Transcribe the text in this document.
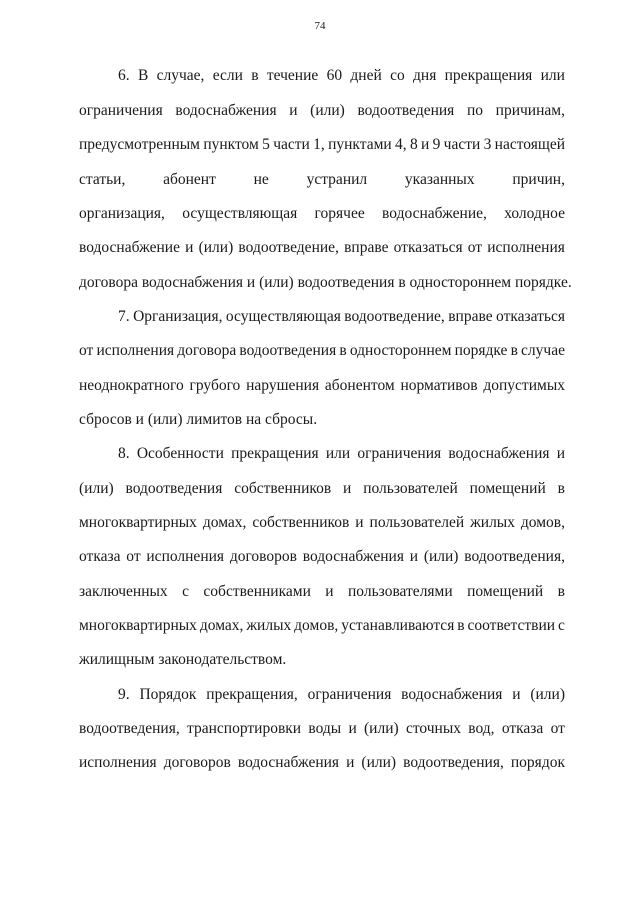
74
6. В случае, если в течение 60 дней со дня прекращения или
ограничения водоснабжения и (или) водоотведения по причинам,
предусмотренным пунктом 5 части 1, пунктами 4, 8 и 9 части 3 настоящей
статьи, абонент не устранил указанных причин,
организация, осуществляющая горячее водоснабжение, холодное
водоснабжение и (или) водоотведение, вправе отказаться от исполнения
договора водоснабжения и (или) водоотведения в одностороннем порядке.
7. Организация, осуществляющая водоотведение, вправе отказаться
от исполнения договора водоотведения в одностороннем порядке в случае
неоднократного грубого нарушения абонентом нормативов допустимых
сбросов и (или) лимитов на сбросы.
8. Особенности прекращения или ограничения водоснабжения и
(или) водоотведения собственников и пользователей помещений в
многоквартирных домах, собственников и пользователей жилых домов,
отказа от исполнения договоров водоснабжения и (или) водоотведения,
заключенных с собственниками и пользователями помещений в
многоквартирных домах, жилых домов, устанавливаются в соответствии с
жилищным законодательством.
9. Порядок прекращения, ограничения водоснабжения и (или)
водоотведения, транспортировки воды и (или) сточных вод, отказа от
исполнения договоров водоснабжения и (или) водоотведения, порядок
